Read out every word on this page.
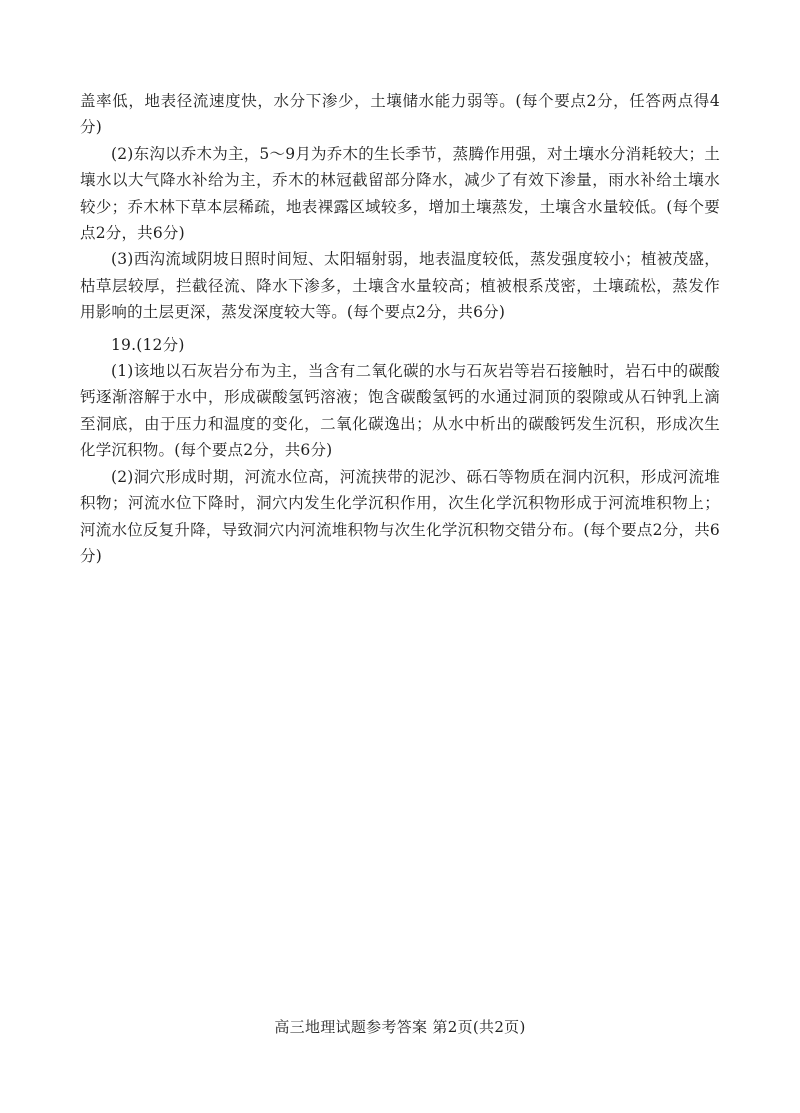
盖率低，地表径流速度快，水分下渗少，土壤储水能力弱等。(每个要点2分，任答两点得4分)

(2)东沟以乔木为主，5～9月为乔木的生长季节，蒸腾作用强，对土壤水分消耗较大；土壤水以大气降水补给为主，乔木的林冠截留部分降水，减少了有效下渗量，雨水补给土壤水较少；乔木林下草本层稀疏，地表裸露区域较多，增加土壤蒸发，土壤含水量较低。(每个要点2分，共6分)

(3)西沟流域阴坡日照时间短、太阳辐射弱，地表温度较低，蒸发强度较小；植被茂盛，枯草层较厚，拦截径流、降水下渗多，土壤含水量较高；植被根系茂密，土壤疏松，蒸发作用影响的土层更深，蒸发深度较大等。(每个要点2分，共6分)

19.(12分)

(1)该地以石灰岩分布为主，当含有二氧化碳的水与石灰岩等岩石接触时，岩石中的碳酸钙逐渐溶解于水中，形成碳酸氢钙溶液；饱含碳酸氢钙的水通过洞顶的裂隙或从石钟乳上滴至洞底，由于压力和温度的变化，二氧化碳逸出；从水中析出的碳酸钙发生沉积，形成次生化学沉积物。(每个要点2分，共6分)

(2)洞穴形成时期，河流水位高，河流挟带的泥沙、砾石等物质在洞内沉积，形成河流堆积物；河流水位下降时，洞穴内发生化学沉积作用，次生化学沉积物形成于河流堆积物上；河流水位反复升降，导致洞穴内河流堆积物与次生化学沉积物交错分布。(每个要点2分，共6分)

高三地理试题参考答案 第2页(共2页)
